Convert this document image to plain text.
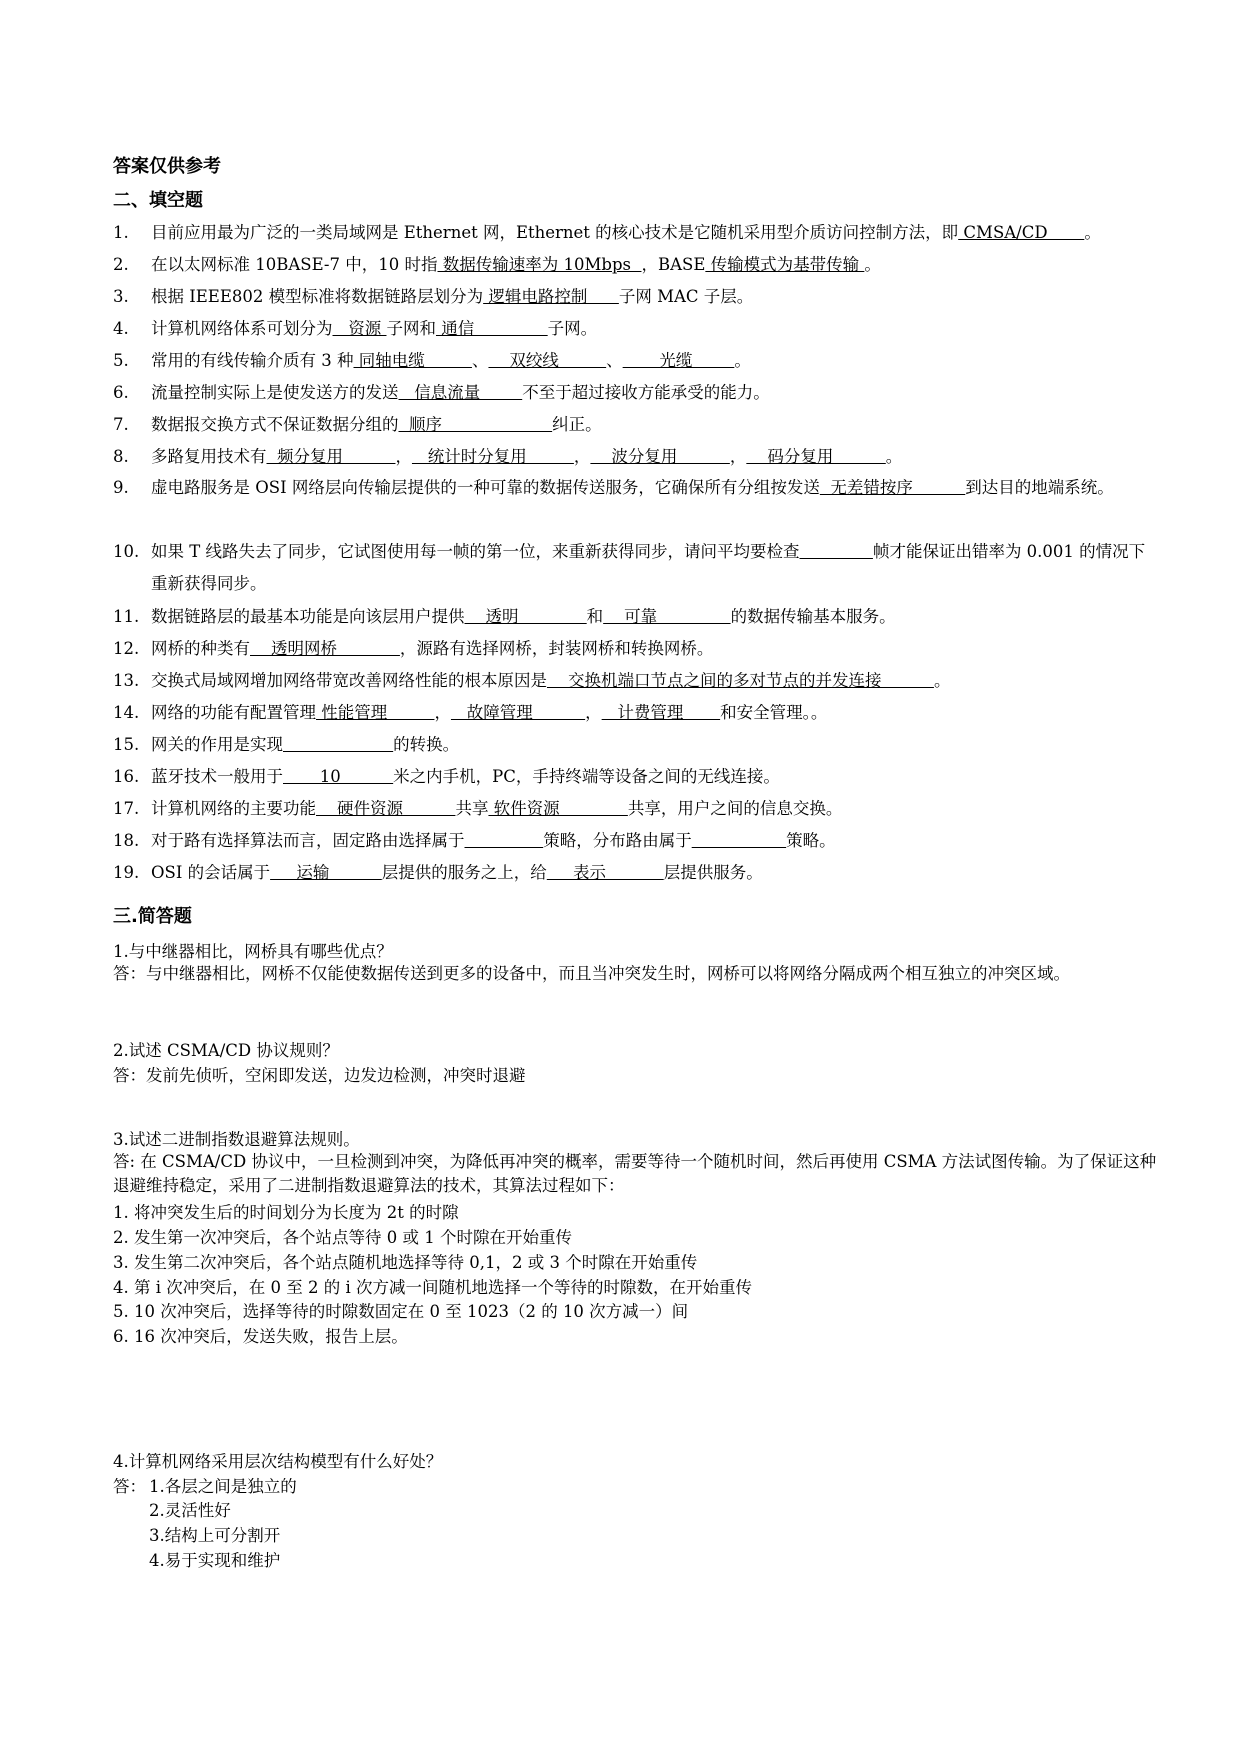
答案仅供参考
二、填空题
1. 目前应用最为广泛的一类局域网是 Ethernet 网，Ethernet 的核心技术是它随机采用型介质访问控制方法，即 CMSA/CD       。
2. 在以太网标准 10BASE-7 中，10 时指 数据传输速率为 10Mbps  ，BASE 传输模式为基带传输 。
3. 根据 IEEE802 模型标准将数据链路层划分为 逻辑电路控制      子网 MAC 子层。
4. 计算机网络体系可划分为   资源 子网和 通信              子网。
5. 常用的有线传输介质有 3 种 同轴电缆         、    双绞线         、       光缆        。
6. 流量控制实际上是使发送方的发送   信息流量        不至于超过接收方能承受的能力。
7. 数据报交换方式不保证数据分组的  顺序                     纠正。
8. 多路复用技术有  频分复用          ，   统计时分复用         ，    波分复用          ，    码分复用          。
9.	虚电路服务是 OSI 网络层向传输层提供的一种可靠的数据传送服务，它确保所有分组按发送  无差错按序          到达目的地端系统。
10. 如果 T 线路失去了同步，它试图使用每一帧的第一位，来重新获得同步，请问平均要检查	帧才能保证出错率为 0.001 的情况下重新获得同步。
11. 数据链路层的最基本功能是向该层用户提供    透明             和    可靠              的数据传输基本服务。
12. 网桥的种类有    透明网桥            ，源路有选择网桥，封装网桥和转换网桥。
13. 交换式局域网增加网络带宽改善网络性能的根本原因是    交换机端口节点之间的多对节点的并发连接          。
14. 网络的功能有配置管理 性能管理         ，   故障管理          ，   计费管理       和安全管理。。
15. 网关的作用是实现	的转换。
16. 蓝牙技术一般用于       10          米之内手机，PC，手持终端等设备之间的无线连接。
17. 计算机网络的主要功能    硬件资源          共享 软件资源             共享，用户之间的信息交换。
18. 对于路有选择算法而言，固定路由选择属于	策略，分布路由属于	策略。
19. OSI 的会话属于     运输          层提供的服务之上，给     表示           层提供服务。
三.简答题
1.与中继器相比，网桥具有哪些优点？
答：与中继器相比，网桥不仅能使数据传送到更多的设备中，而且当冲突发生时，网桥可以将网络分隔成两个相互独立的冲突区域。
2.试述 CSMA/CD 协议规则？
答：发前先侦听，空闲即发送，边发边检测，冲突时退避
3.试述二进制指数退避算法规则。
答: 在 CSMA/CD 协议中，一旦检测到冲突，为降低再冲突的概率，需要等待一个随机时间，然后再使用 CSMA 方法试图传输。为了保证这种退避维持稳定，采用了二进制指数退避算法的技术，其算法过程如下：
1. 将冲突发生后的时间划分为长度为 2t 的时隙
2. 发生第一次冲突后，各个站点等待 0 或 1 个时隙在开始重传
3. 发生第二次冲突后，各个站点随机地选择等待 0,1，2 或 3 个时隙在开始重传
4. 第 i 次冲突后，在 0 至 2 的 i 次方减一间随机地选择一个等待的时隙数，在开始重传
5. 10 次冲突后，选择等待的时隙数固定在 0 至 1023（2 的 10 次方减一）间
6. 16 次冲突后，发送失败，报告上层。
4.计算机网络采用层次结构模型有什么好处？
答： 1.各层之间是独立的
2.灵活性好
3.结构上可分割开
4.易于实现和维护
